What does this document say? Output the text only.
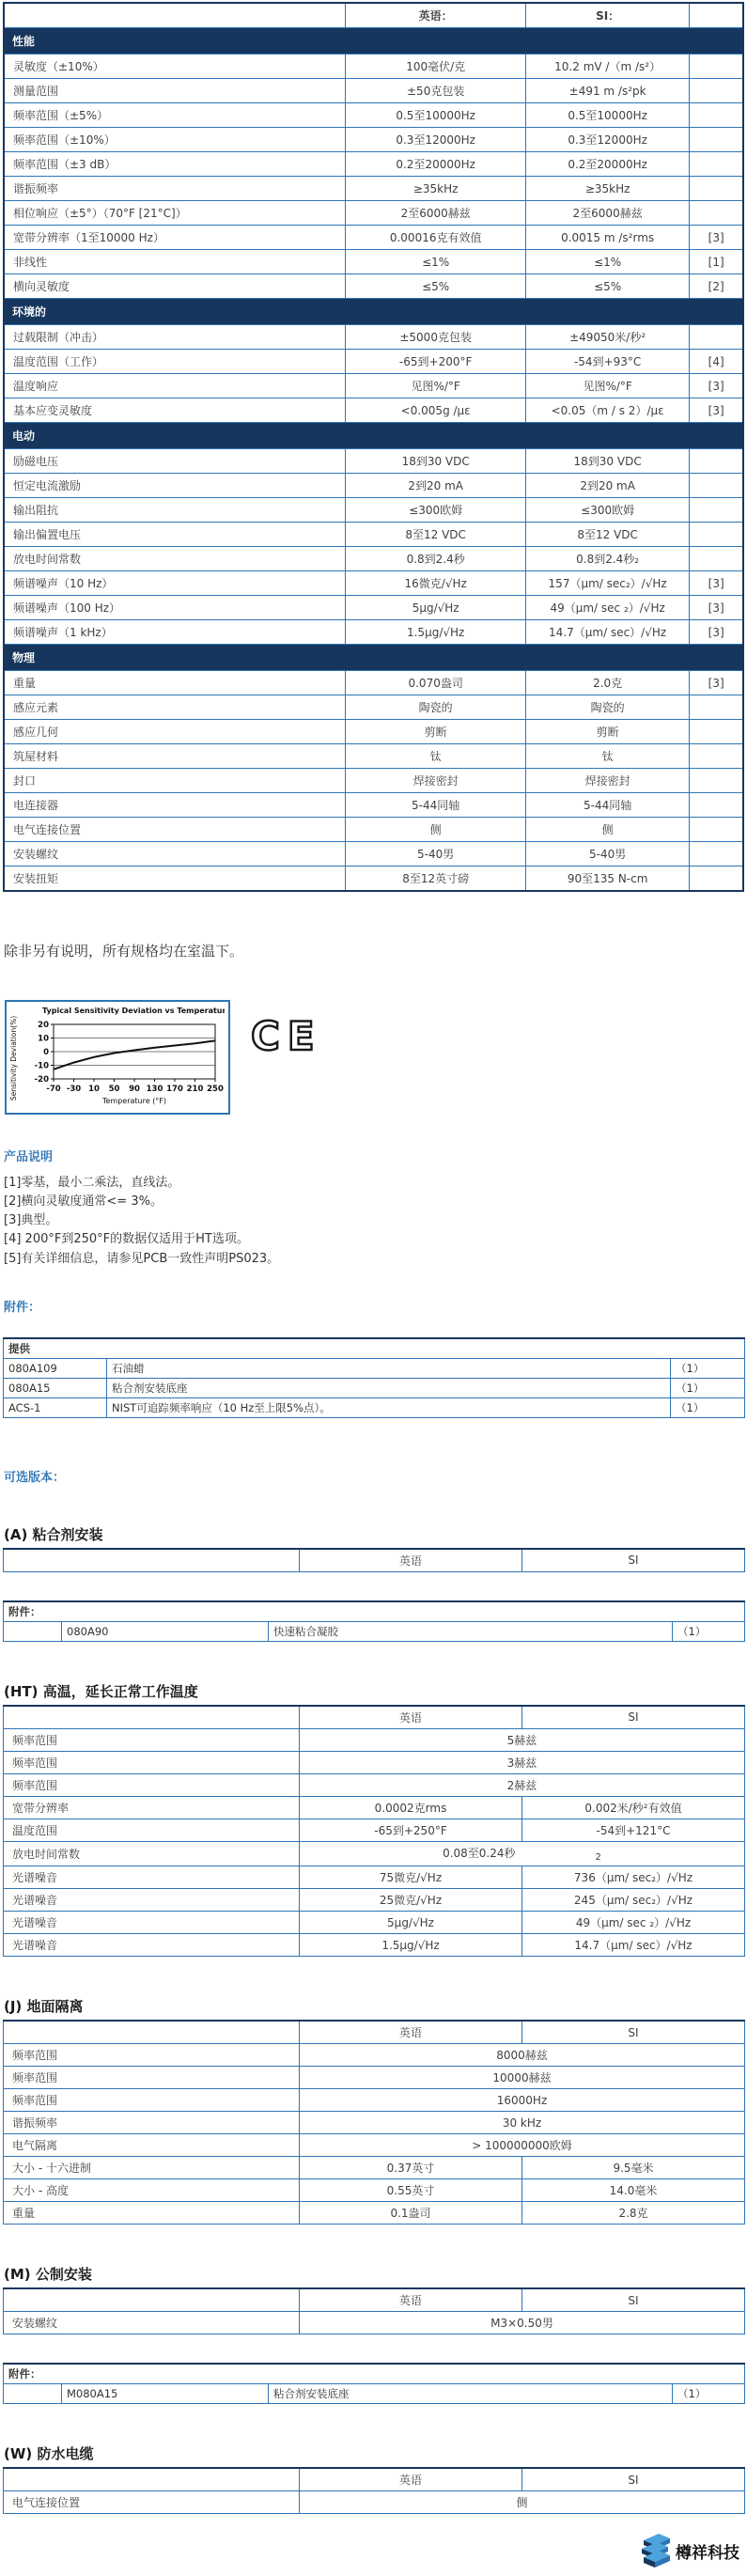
	英语：	SI：	
性能			
灵敏度（±10%）	100毫伏/克	10.2 mV /（m /s²）	
测量范围	±50克包装	±491 m /s²pk	
频率范围（±5%）	0.5至10000Hz	0.5至10000Hz	
频率范围（±10%）	0.3至12000Hz	0.3至12000Hz	
频率范围（±3 dB）	0.2至20000Hz	0.2至20000Hz	
谐振频率	≥35kHz	≥35kHz	
相位响应（±5°）（70°F [21°C]）	2至6000赫兹	2至6000赫兹	
宽带分辨率（1至10000 Hz）	0.00016克有效值	0.0015 m /s²rms	[3]
非线性	≤1%	≤1%	[1]
横向灵敏度	≤5%	≤5%	[2]
环境的			
过载限制（冲击）	±5000克包装	±49050米/秒²	
温度范围（工作）	-65到+200°F	-54到+93°C	[4]
温度响应	见图%/°F	见图%/°F	[3]
基本应变灵敏度	<0.005g /με	<0.05（m / s 2）/με	[3]
电动			
励磁电压	18到30 VDC	18到30 VDC	
恒定电流激励	2到20 mA	2到20 mA	
输出阻抗	≤300欧姆	≤300欧姆	
输出偏置电压	8至12 VDC	8至12 VDC	
放电时间常数	0.8到2.4秒	0.8到2.4秒₂	
频谱噪声（10 Hz）	16微克/√Hz	157（μm/ sec₂）/√Hz	[3]
频谱噪声（100 Hz）	5μg/√Hz	49（μm/ sec ₂）/√Hz	[3]
频谱噪声（1 kHz）	1.5μg/√Hz	14.7（μm/ sec）/√Hz	[3]
物理			
重量	0.070盎司	2.0克	[3]
感应元素	陶瓷的	陶瓷的	
感应几何	剪断	剪断	
筑屋材料	钛	钛	
封口	焊接密封	焊接密封	
电连接器	5-44同轴	5-44同轴	
电气连接位置	侧	侧	
安装螺纹	5-40男	5-40男	
安装扭矩	8至12英寸磅	90至135 N-cm	
除非另有说明，所有规格均在室温下。
Typical Sensitivity Deviation vs Temperature
Sensitivity Deviation(%) 20
10
0
-10
-20
-70 -30 10 50 90 130 170 210 250
Temperature (°F)
CE
产品说明
[1]零基，最小二乘法，直线法。
[2]横向灵敏度通常<= 3%。
[3]典型。
[4] 200°F到250°F的数据仅适用于HT选项。
[5]有关详细信息，请参见PCB一致性声明PS023。
附件：
提供		
080A109	石油蜡	（1）
080A15	粘合剂安装底座	（1）
ACS-1	NIST可追踪频率响应（10 Hz至上限5%点）。	（1）
可选版本：
(A) 粘合剂安装
	英语	SI
附件：
	080A90	快速粘合凝胶	（1）
(HT) 高温，延长正常工作温度
	英语	SI
频率范围	5赫兹	
频率范围	3赫兹	
频率范围	2赫兹	
宽带分辨率	0.0002克rms	0.002米/秒²有效值
温度范围	-65到+250°F	-54到+121°C
放电时间常数	0.08至0.24秒 $_2$
光谱噪音	75微克/√Hz	736（μm/ sec₂）/√Hz
光谱噪音	25微克/√Hz	245（μm/ sec₂）/√Hz
光谱噪音	5μg/√Hz	49（μm/ sec ₂）/√Hz
光谱噪音	1.5μg/√Hz	14.7（μm/ sec）/√Hz
(J) 地面隔离
	英语	SI
频率范围	8000赫兹	
频率范围	10000赫兹	
频率范围	16000Hz	
谐振频率	30 kHz	
电气隔离	> 100000000欧姆	
大小 - 十六进制	0.37英寸	9.5毫米
大小 - 高度	0.55英寸	14.0毫米
重量	0.1盎司	2.8克
(M) 公制安装
	英语	SI
安装螺纹	M3×0.50男	
附件：
	M080A15	粘合剂安装底座	（1）
(W) 防水电缆
	英语	SI
电气连接位置	侧	
樽祥科技
